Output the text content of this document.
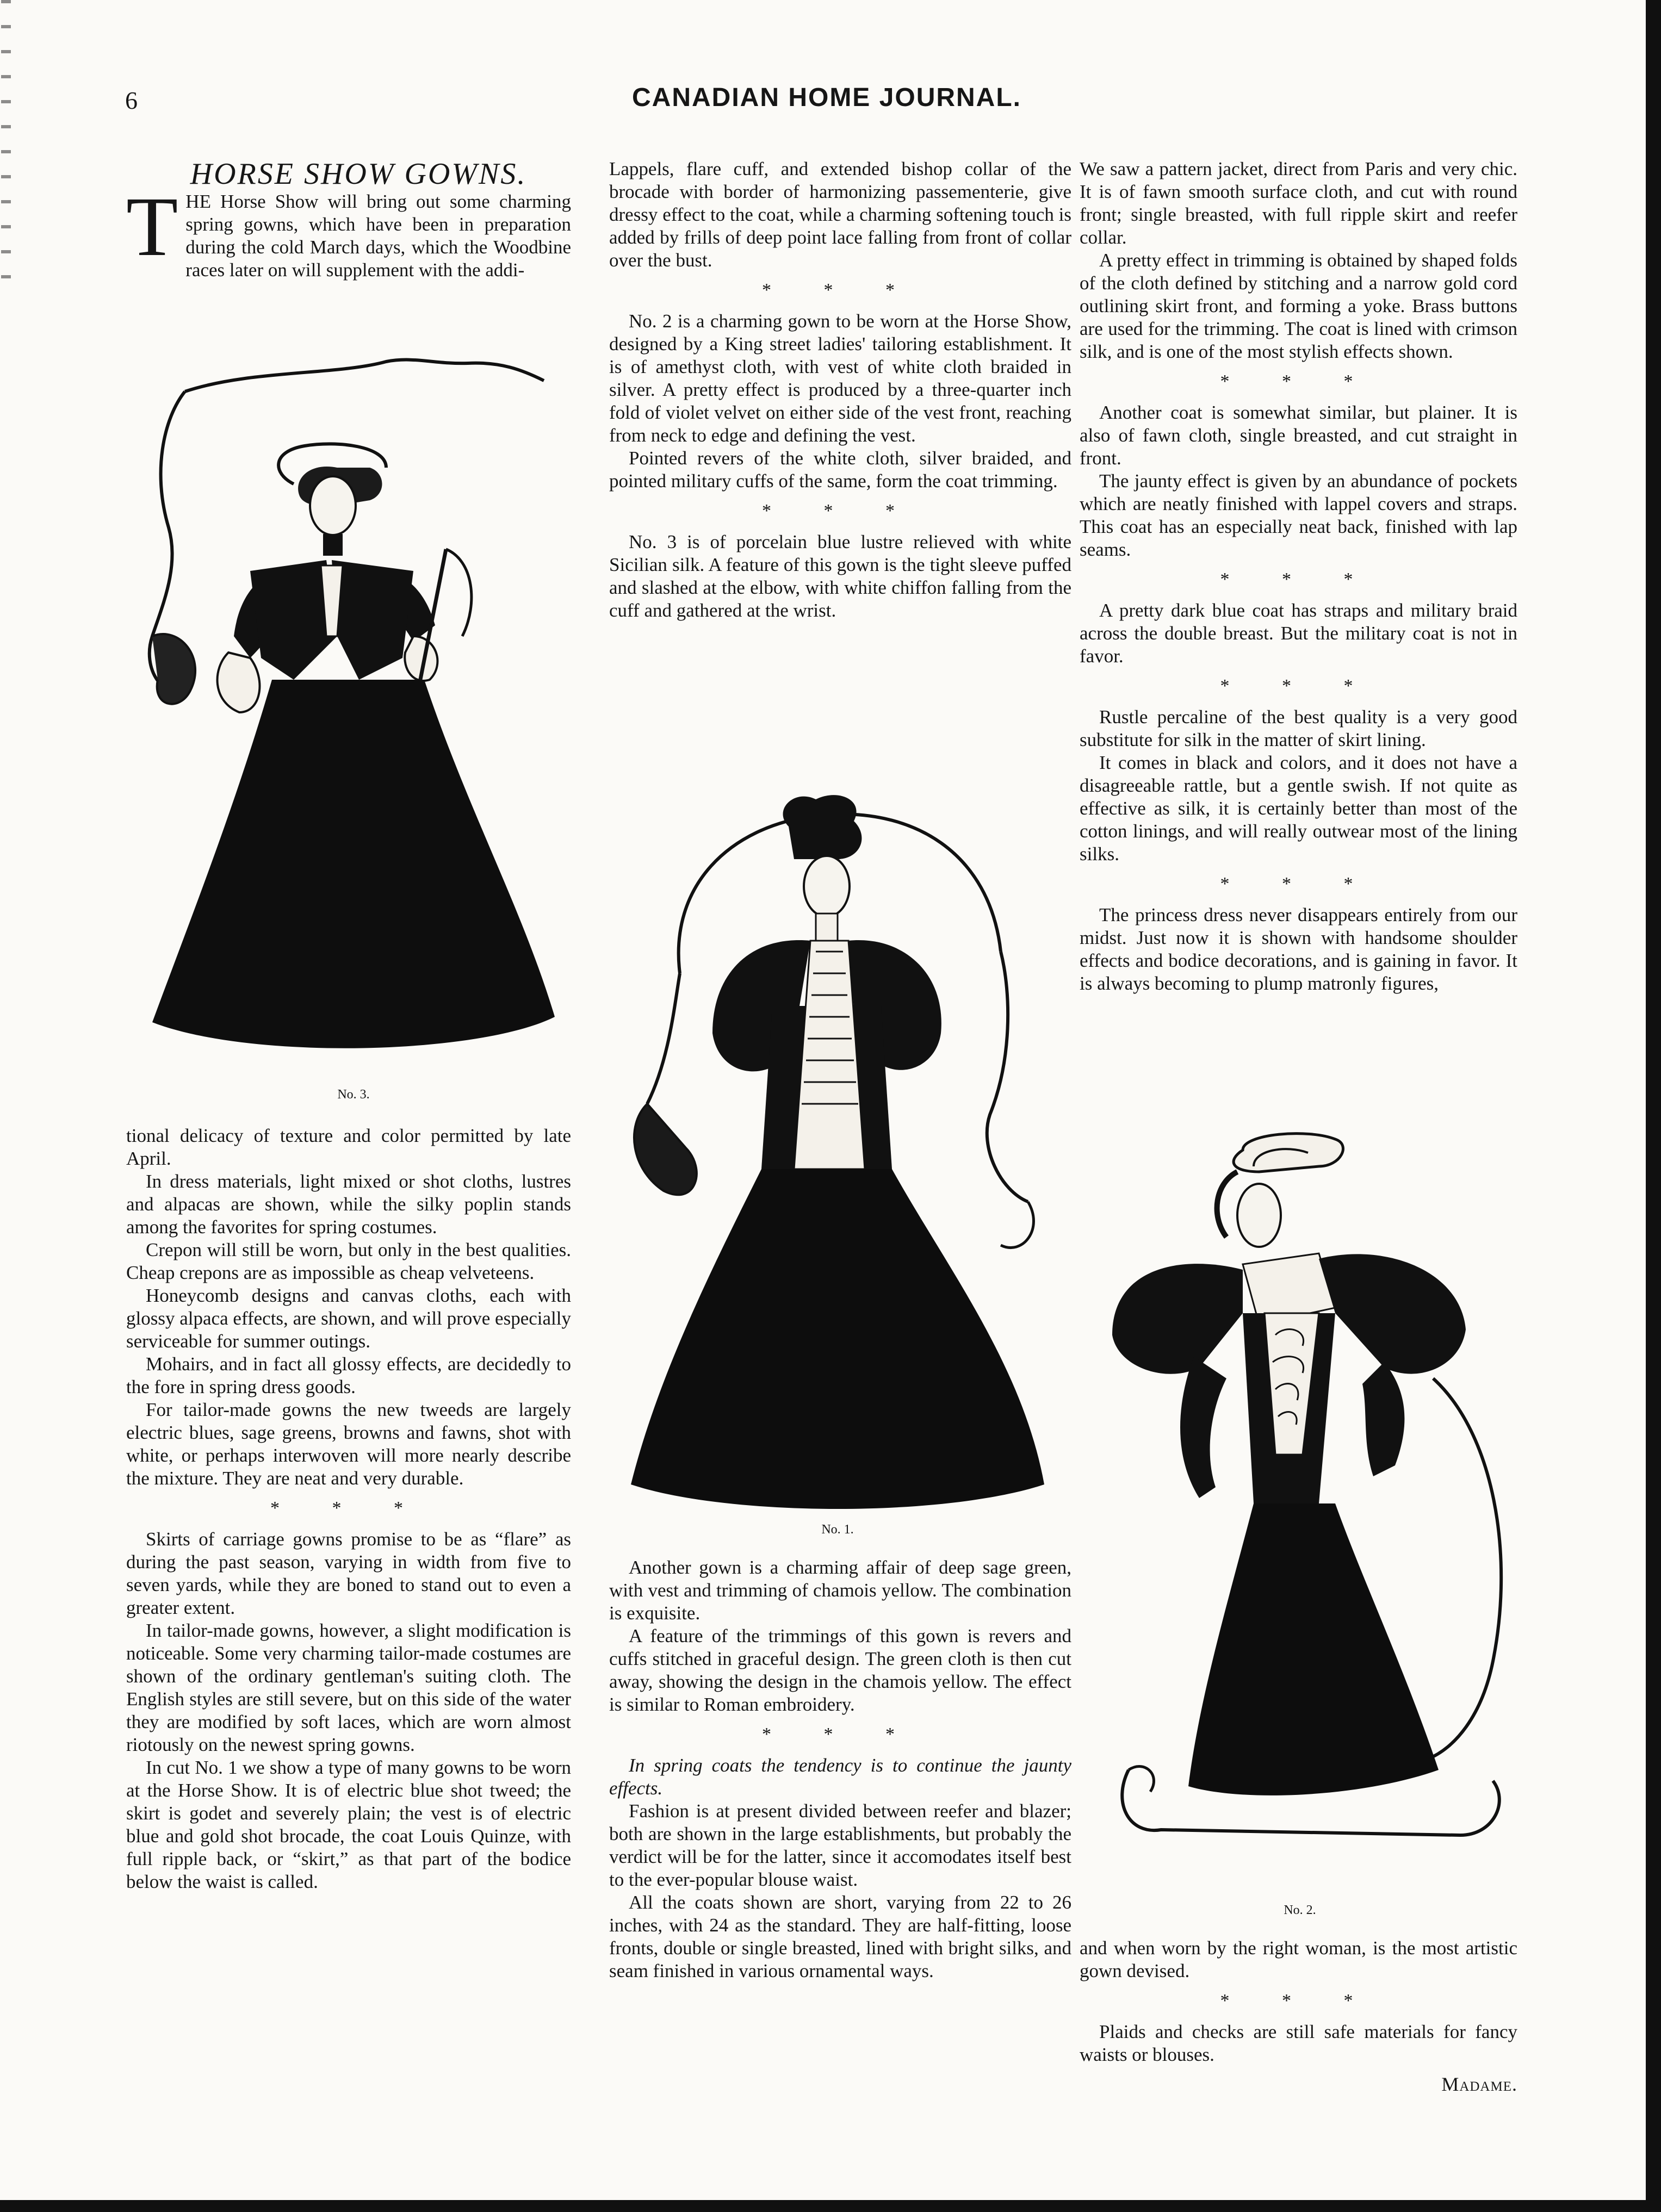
6	CANADIAN HOME JOURNAL.

HORSE SHOW GOWNS.

THE Horse Show will bring out some charming spring gowns, which have been in preparation during the cold March days, which the Woodbine races later on will supplement with the addi-

No. 3.

tional delicacy of texture and color permitted by late April.

In dress materials, light mixed or shot cloths, lustres and alpacas are shown, while the silky poplin stands among the favorites for spring costumes.

Crepon will still be worn, but only in the best qualities. Cheap crepons are as impossible as cheap velveteens.

Honeycomb designs and canvas cloths, each with glossy alpaca effects, are shown, and will prove especially serviceable for summer outings.

Mohairs, and in fact all glossy effects, are decidedly to the fore in spring dress goods.

For tailor-made gowns the new tweeds are largely electric blues, sage greens, browns and fawns, shot with white, or perhaps interwoven will more nearly describe the mixture. They are neat and very durable.

* * *

Skirts of carriage gowns promise to be as “flare” as during the past season, varying in width from five to seven yards, while they are boned to stand out to even a greater extent.

In tailor-made gowns, however, a slight modification is noticeable. Some very charming tailor-made costumes are shown of the ordinary gentleman's suiting cloth. The English styles are still severe, but on this side of the water they are modified by soft laces, which are worn almost riotously on the newest spring gowns.

In cut No. 1 we show a type of many gowns to be worn at the Horse Show. It is of electric blue shot tweed; the skirt is godet and severely plain; the vest is of electric blue and gold shot brocade, the coat Louis Quinze, with full ripple back, or “skirt,” as that part of the bodice below the waist is called.

Lappels, flare cuff, and extended bishop collar of the brocade with border of harmonizing passementerie, give dressy effect to the coat, while a charming softening touch is added by frills of deep point lace falling from front of collar over the bust.

* * *

No. 2 is a charming gown to be worn at the Horse Show, designed by a King street ladies' tailoring establishment. It is of amethyst cloth, with vest of white cloth braided in silver. A pretty effect is produced by a three-quarter inch fold of violet velvet on either side of the vest front, reaching from neck to edge and defining the vest.

Pointed revers of the white cloth, silver braided, and pointed military cuffs of the same, form the coat trimming.

* * *

No. 3 is of porcelain blue lustre relieved with white Sicilian silk. A feature of this gown is the tight sleeve puffed and slashed at the elbow, with white chiffon falling from the cuff and gathered at the wrist.

No. 1.

Another gown is a charming affair of deep sage green, with vest and trimming of chamois yellow. The combination is exquisite.

A feature of the trimmings of this gown is revers and cuffs stitched in graceful design. The green cloth is then cut away, showing the design in the chamois yellow. The effect is similar to Roman embroidery.

* * *

In spring coats the tendency is to continue the jaunty effects.

Fashion is at present divided between reefer and blazer; both are shown in the large establishments, but probably the verdict will be for the latter, since it accomodates itself best to the ever-popular blouse waist.

All the coats shown are short, varying from 22 to 26 inches, with 24 as the standard. They are half-fitting, loose fronts, double or single breasted, lined with bright silks, and seam finished in various ornamental ways.

We saw a pattern jacket, direct from Paris and very chic. It is of fawn smooth surface cloth, and cut with round front; single breasted, with full ripple skirt and reefer collar.

A pretty effect in trimming is obtained by shaped folds of the cloth defined by stitching and a narrow gold cord outlining skirt front, and forming a yoke. Brass buttons are used for the trimming. The coat is lined with crimson silk, and is one of the most stylish effects shown.

* * *

Another coat is somewhat similar, but plainer. It is also of fawn cloth, single breasted, and cut straight in front.

The jaunty effect is given by an abundance of pockets which are neatly finished with lappel covers and straps. This coat has an especially neat back, finished with lap seams.

* * *

A pretty dark blue coat has straps and military braid across the double breast. But the military coat is not in favor.

* * *

Rustle percaline of the best quality is a very good substitute for silk in the matter of skirt lining.

It comes in black and colors, and it does not have a disagreeable rattle, but a gentle swish. If not quite as effective as silk, it is certainly better than most of the cotton linings, and will really outwear most of the lining silks.

* * *

The princess dress never disappears entirely from our midst. Just now it is shown with handsome shoulder effects and bodice decorations, and is gaining in favor. It is always becoming to plump matronly figures,

No. 2.

and when worn by the right woman, is the most artistic gown devised.

* * *

Plaids and checks are still safe materials for fancy waists or blouses.

Madame.
